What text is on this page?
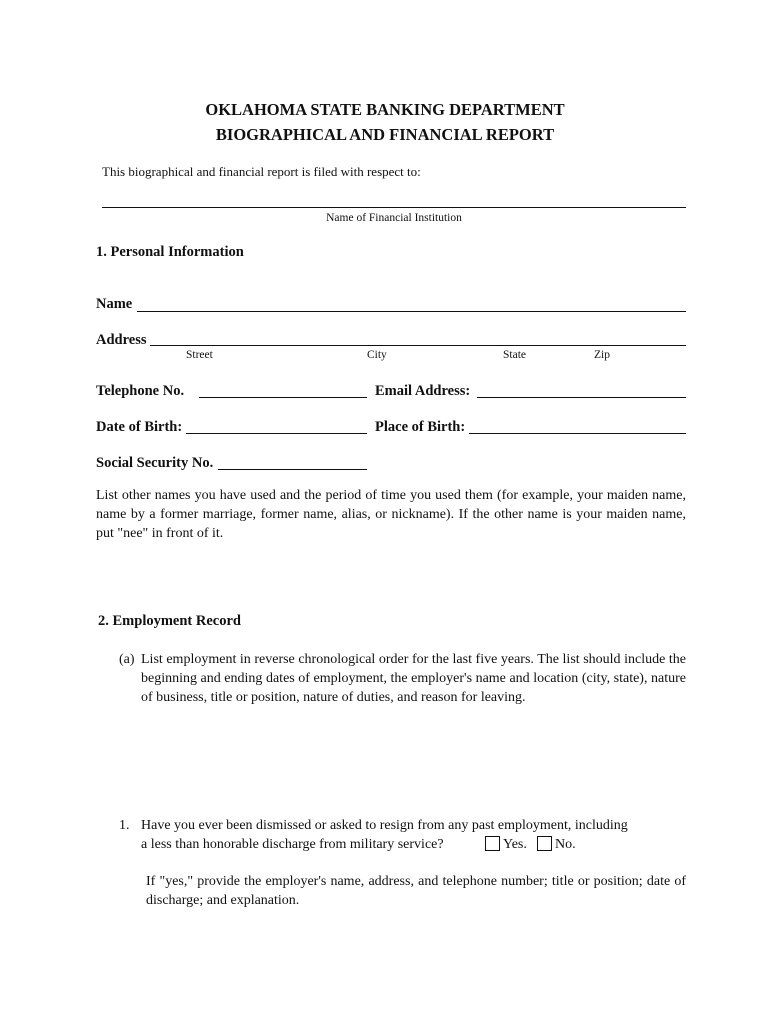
OKLAHOMA STATE BANKING DEPARTMENT
BIOGRAPHICAL AND FINANCIAL REPORT
This biographical and financial report is filed with respect to:
Name of Financial Institution
1. Personal Information
Name
Address
Street	City	State	Zip
Telephone No.	Email Address:
Date of Birth:	Place of Birth:
Social Security No.
List other names you have used and the period of time you used them (for example, your maiden name, name by a former marriage, former name, alias, or nickname). If the other name is your maiden name, put "nee" in front of it.
2. Employment Record
(a) List employment in reverse chronological order for the last five years. The list should include the beginning and ending dates of employment, the employer's name and location (city, state), nature of business, title or position, nature of duties, and reason for leaving.
1. Have you ever been dismissed or asked to resign from any past employment, including
a less than honorable discharge from military service?	Yes. No.
If "yes," provide the employer's name, address, and telephone number; title or position; date of discharge; and explanation.
